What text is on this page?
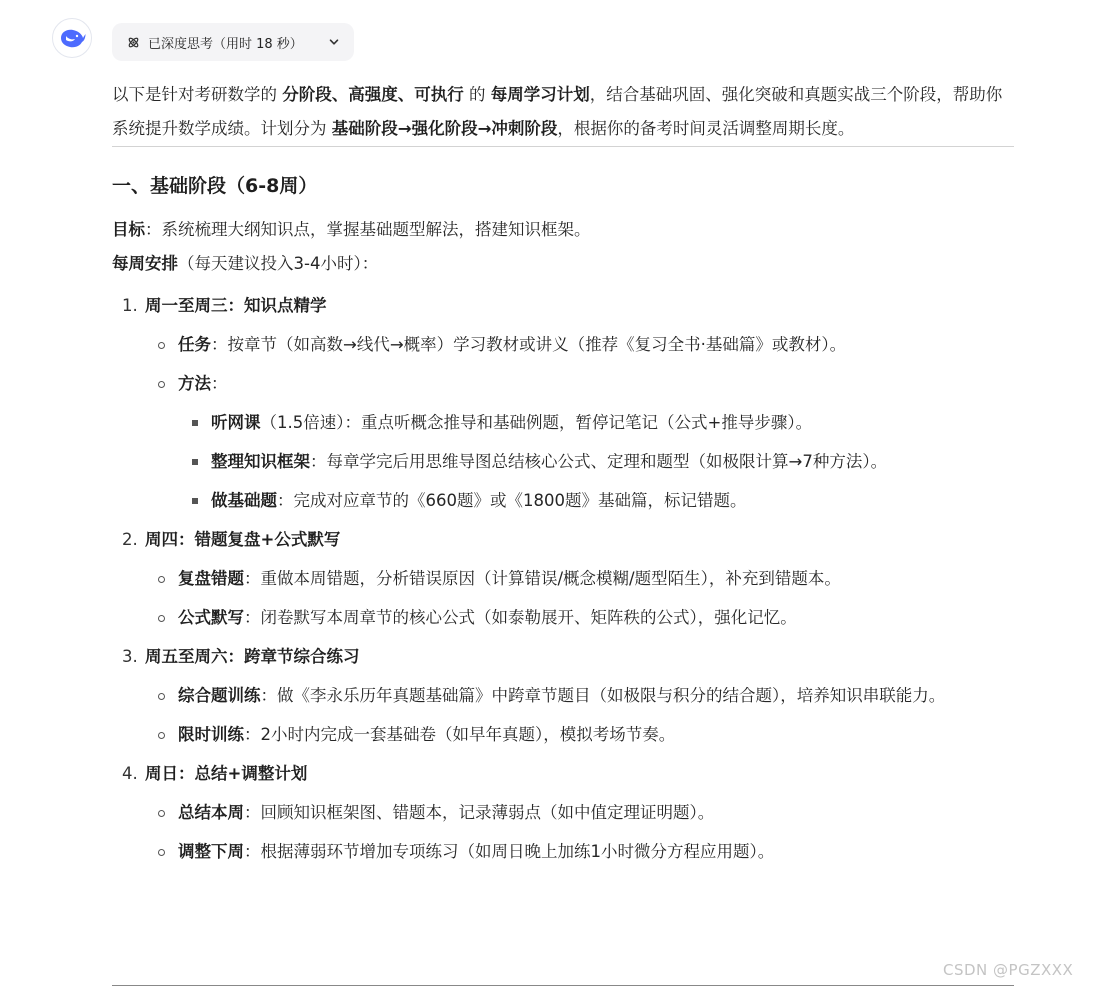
已深度思考（用时 18 秒）

以下是针对考研数学的 分阶段、高强度、可执行 的 每周学习计划，结合基础巩固、强化突破和真题实战三个阶段，帮助你系统提升数学成绩。计划分为 基础阶段→强化阶段→冲刺阶段，根据你的备考时间灵活调整周期长度。

一、基础阶段（6-8周）

目标：系统梳理大纲知识点，掌握基础题型解法，搭建知识框架。
每周安排（每天建议投入3-4小时）：

1. 周一至周三：知识点精学
任务：按章节（如高数→线代→概率）学习教材或讲义（推荐《复习全书·基础篇》或教材）。
方法：
听网课（1.5倍速）：重点听概念推导和基础例题，暂停记笔记（公式+推导步骤）。
整理知识框架：每章学完后用思维导图总结核心公式、定理和题型（如极限计算→7种方法）。
做基础题：完成对应章节的《660题》或《1800题》基础篇，标记错题。
2. 周四：错题复盘+公式默写
复盘错题：重做本周错题，分析错误原因（计算错误/概念模糊/题型陌生），补充到错题本。
公式默写：闭卷默写本周章节的核心公式（如泰勒展开、矩阵秩的公式），强化记忆。
3. 周五至周六：跨章节综合练习
综合题训练：做《李永乐历年真题基础篇》中跨章节题目（如极限与积分的结合题），培养知识串联能力。
限时训练：2小时内完成一套基础卷（如早年真题），模拟考场节奏。
4. 周日：总结+调整计划
总结本周：回顾知识框架图、错题本，记录薄弱点（如中值定理证明题）。
调整下周：根据薄弱环节增加专项练习（如周日晚上加练1小时微分方程应用题）。
CSDN @PGZXXX
